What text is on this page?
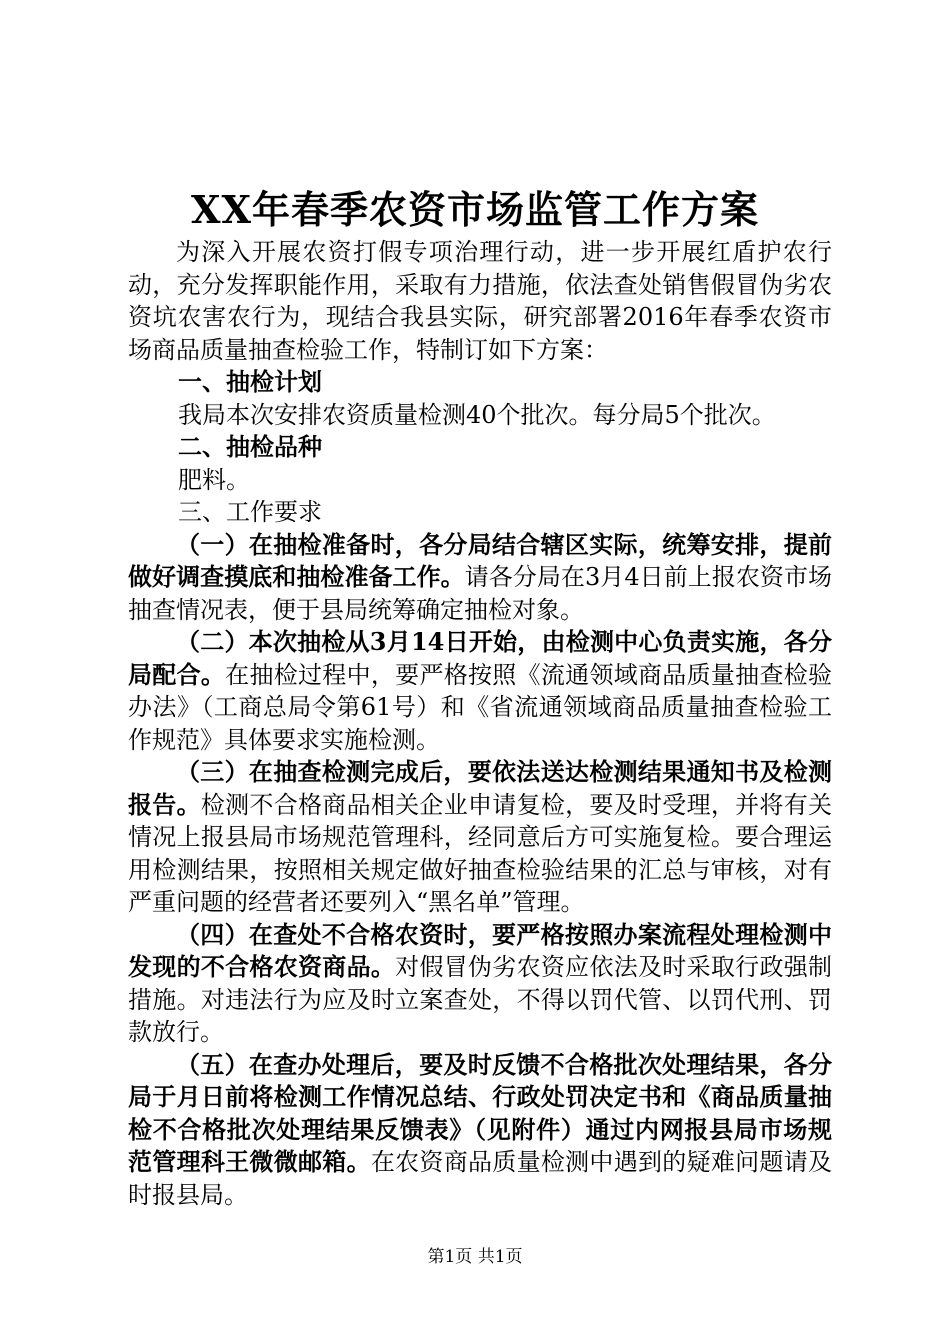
XX年春季农资市场监管工作方案

为深入开展农资打假专项治理行动，进一步开展红盾护农行动，充分发挥职能作用，采取有力措施，依法查处销售假冒伪劣农资坑农害农行为，现结合我县实际，研究部署2016年春季农资市场商品质量抽查检验工作，特制订如下方案：

一、抽检计划

我局本次安排农资质量检测40个批次。每分局5个批次。

二、抽检品种

肥料。

三、工作要求

（一）在抽检准备时，各分局结合辖区实际，统筹安排，提前做好调查摸底和抽检准备工作。请各分局在3月4日前上报农资市场抽查情况表，便于县局统筹确定抽检对象。

（二）本次抽检从3月14日开始，由检测中心负责实施，各分局配合。在抽检过程中，要严格按照《流通领域商品质量抽查检验办法》（工商总局令第61号）和《省流通领域商品质量抽查检验工作规范》具体要求实施检测。

（三）在抽查检测完成后，要依法送达检测结果通知书及检测报告。检测不合格商品相关企业申请复检，要及时受理，并将有关情况上报县局市场规范管理科，经同意后方可实施复检。要合理运用检测结果，按照相关规定做好抽查检验结果的汇总与审核，对有严重问题的经营者还要列入“黑名单”管理。

（四）在查处不合格农资时，要严格按照办案流程处理检测中发现的不合格农资商品。对假冒伪劣农资应依法及时采取行政强制措施。对违法行为应及时立案查处，不得以罚代管、以罚代刑、罚款放行。

（五）在查办处理后，要及时反馈不合格批次处理结果，各分局于月日前将检测工作情况总结、行政处罚决定书和《商品质量抽检不合格批次处理结果反馈表》（见附件）通过内网报县局市场规范管理科王微微邮箱。在农资商品质量检测中遇到的疑难问题请及时报县局。

第1页 共1页
